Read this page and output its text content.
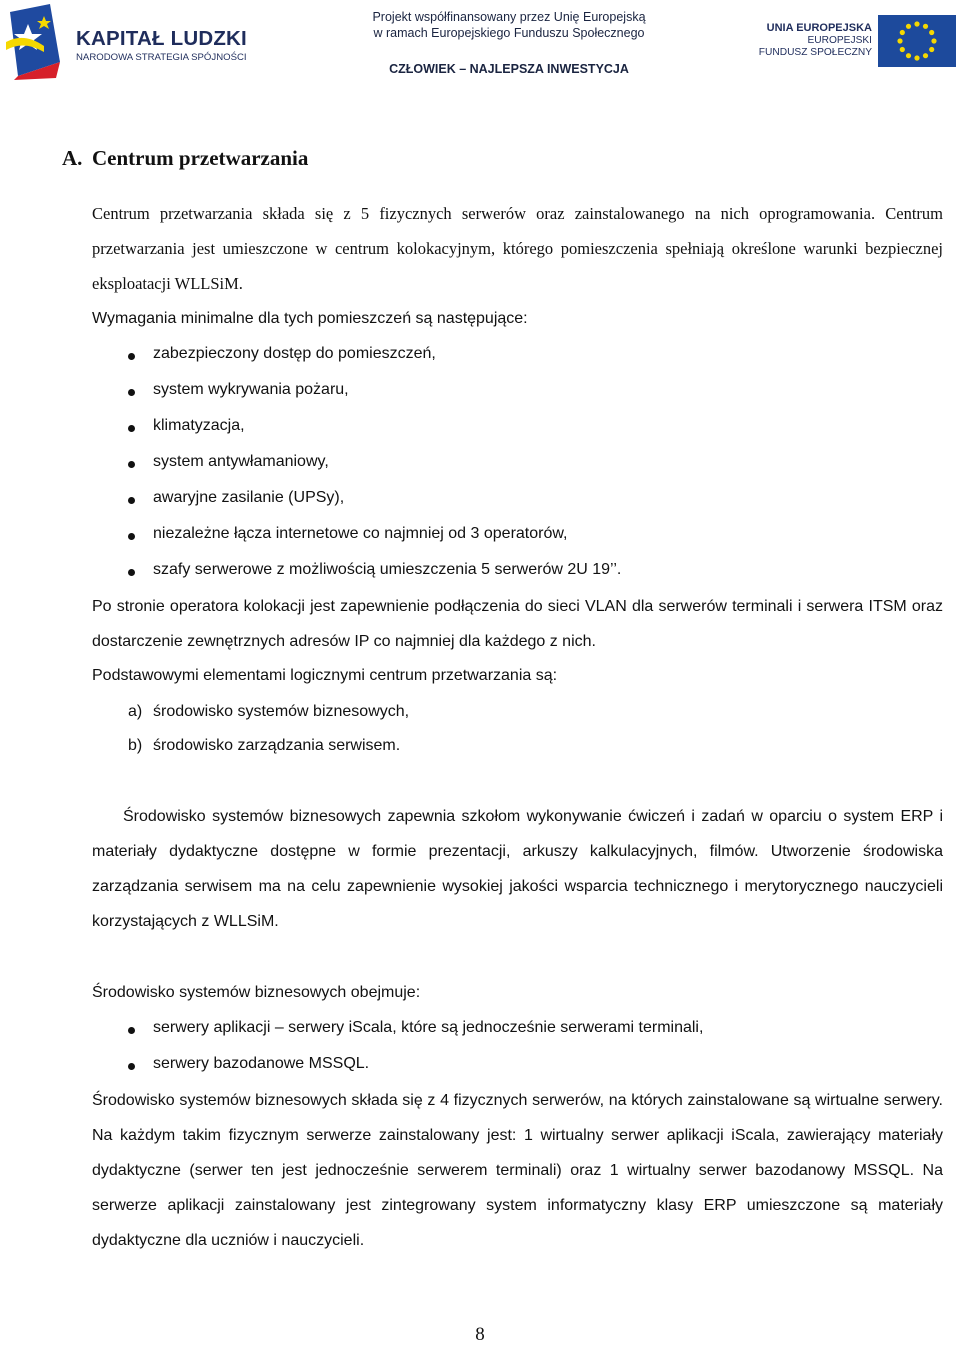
KAPITAŁ LUDZKI
NARODOWA STRATEGIA SPÓJNOŚCI
Projekt współfinansowany przez Unię Europejską
w ramach Europejskiego Funduszu Społecznego
CZŁOWIEK – NAJLEPSZA INWESTYCJA
UNIA EUROPEJSKA
EUROPEJSKI
FUNDUSZ SPOŁECZNY
A. Centrum przetwarzania

Centrum przetwarzania składa się z 5 fizycznych serwerów oraz zainstalowanego na nich oprogramowania. Centrum przetwarzania jest umieszczone w centrum kolokacyjnym, którego pomieszczenia spełniają określone warunki bezpiecznej eksploatacji WLLSiM.

Wymagania minimalne dla tych pomieszczeń są następujące:
zabezpieczony dostęp do pomieszczeń,
system wykrywania pożaru,
klimatyzacja,
system antywłamaniowy,
awaryjne zasilanie (UPSy),
niezależne łącza internetowe co najmniej od 3 operatorów,
szafy serwerowe z możliwością umieszczenia 5 serwerów 2U 19’’.

Po stronie operatora kolokacji jest zapewnienie podłączenia do sieci VLAN dla serwerów terminali i serwera ITSM oraz dostarczenie zewnętrznych adresów IP co najmniej dla każdego z nich.

Podstawowymi elementami logicznymi centrum przetwarzania są:
a) środowisko systemów biznesowych,
b) środowisko zarządzania serwisem.

Środowisko systemów biznesowych zapewnia szkołom wykonywanie ćwiczeń i zadań w oparciu o system ERP i materiały dydaktyczne dostępne w formie prezentacji, arkuszy kalkulacyjnych, filmów. Utworzenie środowiska zarządzania serwisem ma na celu zapewnienie wysokiej jakości wsparcia technicznego i merytorycznego nauczycieli korzystających z WLLSiM.

Środowisko systemów biznesowych obejmuje:
serwery aplikacji – serwery iScala, które są jednocześnie serwerami terminali,
serwery bazodanowe MSSQL.

Środowisko systemów biznesowych składa się z 4 fizycznych serwerów, na których zainstalowane są wirtualne serwery. Na każdym takim fizycznym serwerze zainstalowany jest: 1 wirtualny serwer aplikacji iScala, zawierający materiały dydaktyczne (serwer ten jest jednocześnie serwerem terminali) oraz 1 wirtualny serwer bazodanowy MSSQL. Na serwerze aplikacji zainstalowany jest zintegrowany system informatyczny klasy ERP umieszczone są materiały dydaktyczne dla uczniów i nauczycieli.

8
